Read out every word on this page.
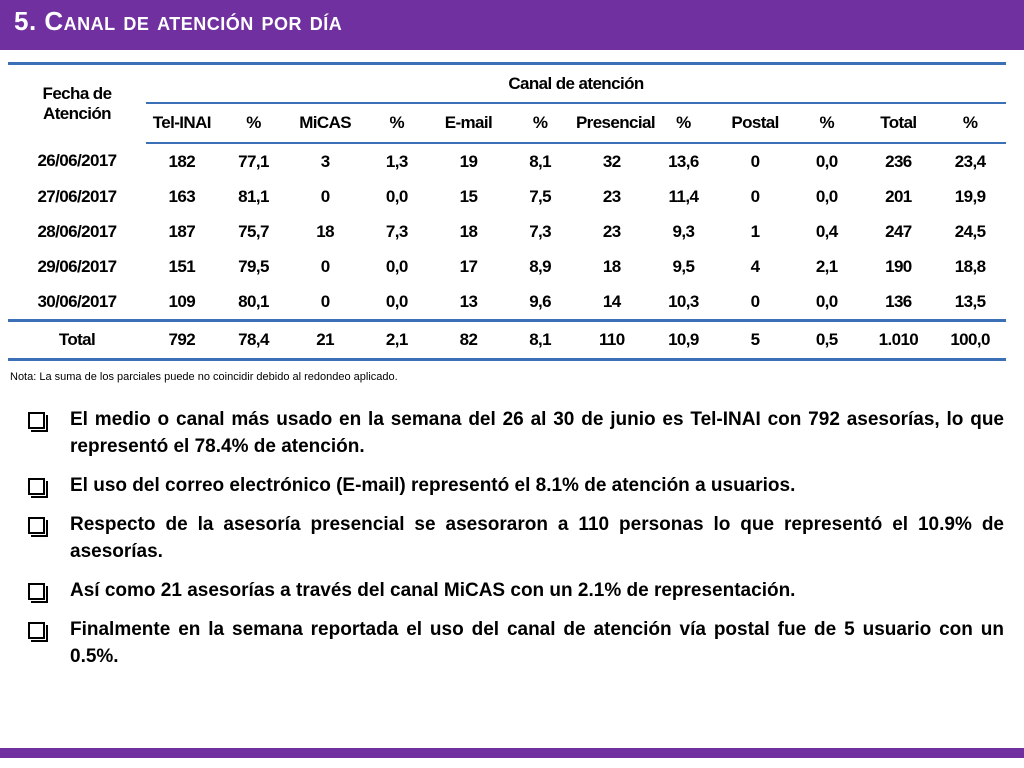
5. Canal de atención por día
Fecha de Atención	Canal de atención											
	Tel-INAI	%	MiCAS	%	E-mail	%	Presencial	%	Postal	%	Total	%
26/06/2017	182	77,1	3	1,3	19	8,1	32	13,6	0	0,0	236	23,4
27/06/2017	163	81,1	0	0,0	15	7,5	23	11,4	0	0,0	201	19,9
28/06/2017	187	75,7	18	7,3	18	7,3	23	9,3	1	0,4	247	24,5
29/06/2017	151	79,5	0	0,0	17	8,9	18	9,5	4	2,1	190	18,8
30/06/2017	109	80,1	0	0,0	13	9,6	14	10,3	0	0,0	136	13,5
Total	792	78,4	21	2,1	82	8,1	110	10,9	5	0,5	1.010	100,0
Nota: La suma de los parciales puede no coincidir debido al redondeo aplicado.
El medio o canal más usado en la semana del 26 al 30 de junio es Tel-INAI con 792 asesorías, lo que representó el 78.4% de atención.
El uso del correo electrónico (E-mail) representó el 8.1% de atención a usuarios.
Respecto de la asesoría presencial se asesoraron a 110 personas lo que representó el 10.9% de asesorías.
Así como 21 asesorías a través del canal MiCAS con un 2.1% de representación.
Finalmente en la semana reportada el uso del canal de atención vía postal fue de 5 usuario con un 0.5%.
